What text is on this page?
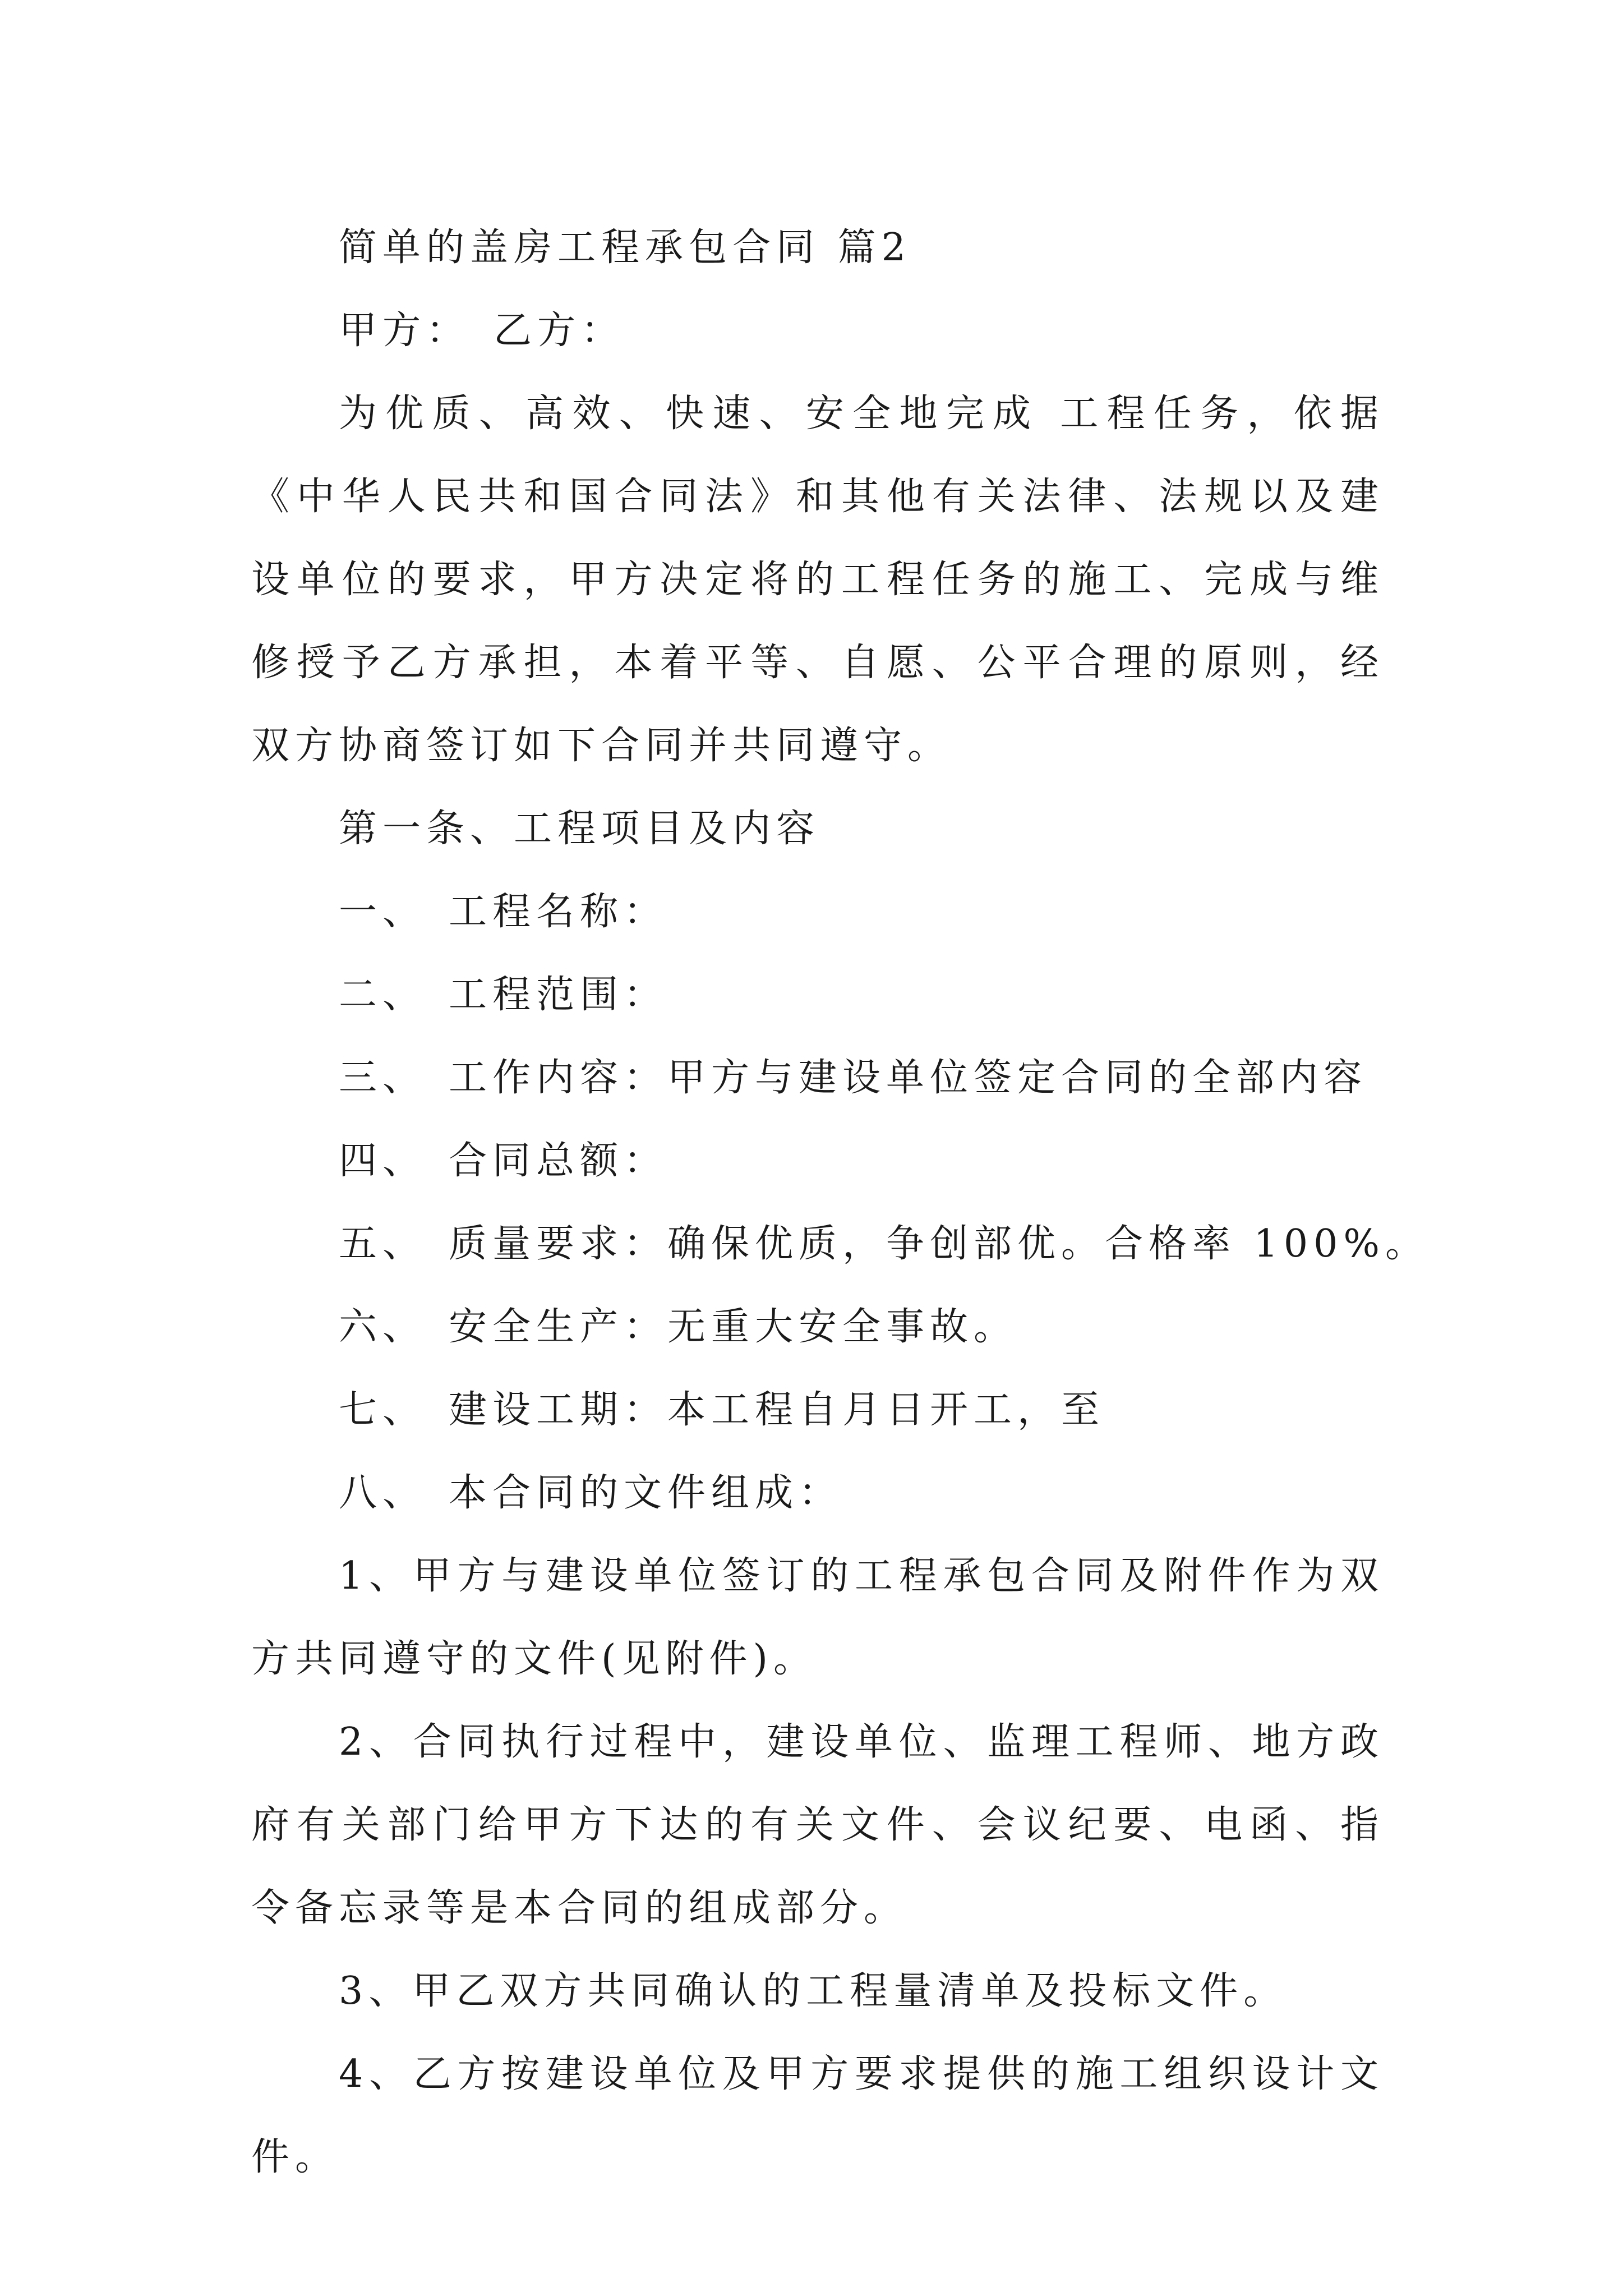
简单的盖房工程承包合同 篇2

甲方： 乙方：

为优质、高效、快速、安全地完成 工程任务，依据《中华人民共和国合同法》和其他有关法律、法规以及建设单位的要求，甲方决定将的工程任务的施工、完成与维修授予乙方承担，本着平等、自愿、公平合理的原则，经双方协商签订如下合同并共同遵守。

第一条、工程项目及内容

一、 工程名称：

二、 工程范围：

三、 工作内容：甲方与建设单位签定合同的全部内容

四、 合同总额：

五、 质量要求：确保优质，争创部优。合格率 100%。

六、 安全生产：无重大安全事故。

七、 建设工期：本工程自月日开工，至

八、 本合同的文件组成：

1、甲方与建设单位签订的工程承包合同及附件作为双方共同遵守的文件(见附件)。

2、合同执行过程中，建设单位、监理工程师、地方政府有关部门给甲方下达的有关文件、会议纪要、电函、指令备忘录等是本合同的组成部分。

3、甲乙双方共同确认的工程量清单及投标文件。

4、乙方按建设单位及甲方要求提供的施工组织设计文件。
